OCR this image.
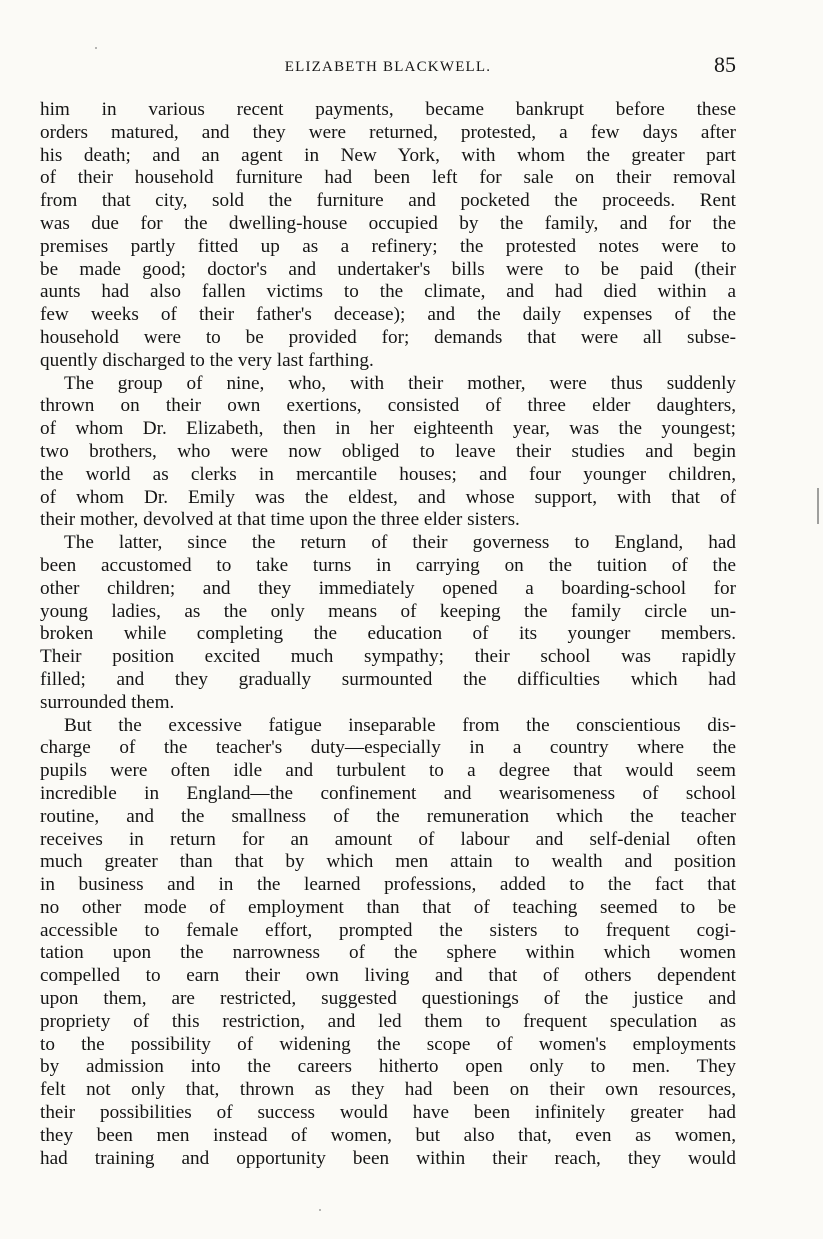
ELIZABETH BLACKWELL.	85
him in various recent payments, became bankrupt before these
orders matured, and they were returned, protested, a few days after
his death; and an agent in New York, with whom the greater part
of their household furniture had been left for sale on their removal
from that city, sold the furniture and pocketed the proceeds. Rent
was due for the dwelling-house occupied by the family, and for the
premises partly fitted up as a refinery; the protested notes were to
be made good; doctor's and undertaker's bills were to be paid (their
aunts had also fallen victims to the climate, and had died within a
few weeks of their father's decease); and the daily expenses of the
household were to be provided for; demands that were all subse-
quently discharged to the very last farthing.
The group of nine, who, with their mother, were thus suddenly
thrown on their own exertions, consisted of three elder daughters,
of whom Dr. Elizabeth, then in her eighteenth year, was the youngest;
two brothers, who were now obliged to leave their studies and begin
the world as clerks in mercantile houses; and four younger children,
of whom Dr. Emily was the eldest, and whose support, with that of
their mother, devolved at that time upon the three elder sisters.
The latter, since the return of their governess to England, had
been accustomed to take turns in carrying on the tuition of the
other children; and they immediately opened a boarding-school for
young ladies, as the only means of keeping the family circle un-
broken while completing the education of its younger members.
Their position excited much sympathy; their school was rapidly
filled; and they gradually surmounted the difficulties which had
surrounded them.
But the excessive fatigue inseparable from the conscientious dis-
charge of the teacher's duty—especially in a country where the
pupils were often idle and turbulent to a degree that would seem
incredible in England—the confinement and wearisomeness of school
routine, and the smallness of the remuneration which the teacher
receives in return for an amount of labour and self-denial often
much greater than that by which men attain to wealth and position
in business and in the learned professions, added to the fact that
no other mode of employment than that of teaching seemed to be
accessible to female effort, prompted the sisters to frequent cogi-
tation upon the narrowness of the sphere within which women
compelled to earn their own living and that of others dependent
upon them, are restricted, suggested questionings of the justice and
propriety of this restriction, and led them to frequent speculation as
to the possibility of widening the scope of women's employments
by admission into the careers hitherto open only to men. They
felt not only that, thrown as they had been on their own resources,
their possibilities of success would have been infinitely greater had
they been men instead of women, but also that, even as women,
had training and opportunity been within their reach, they would
